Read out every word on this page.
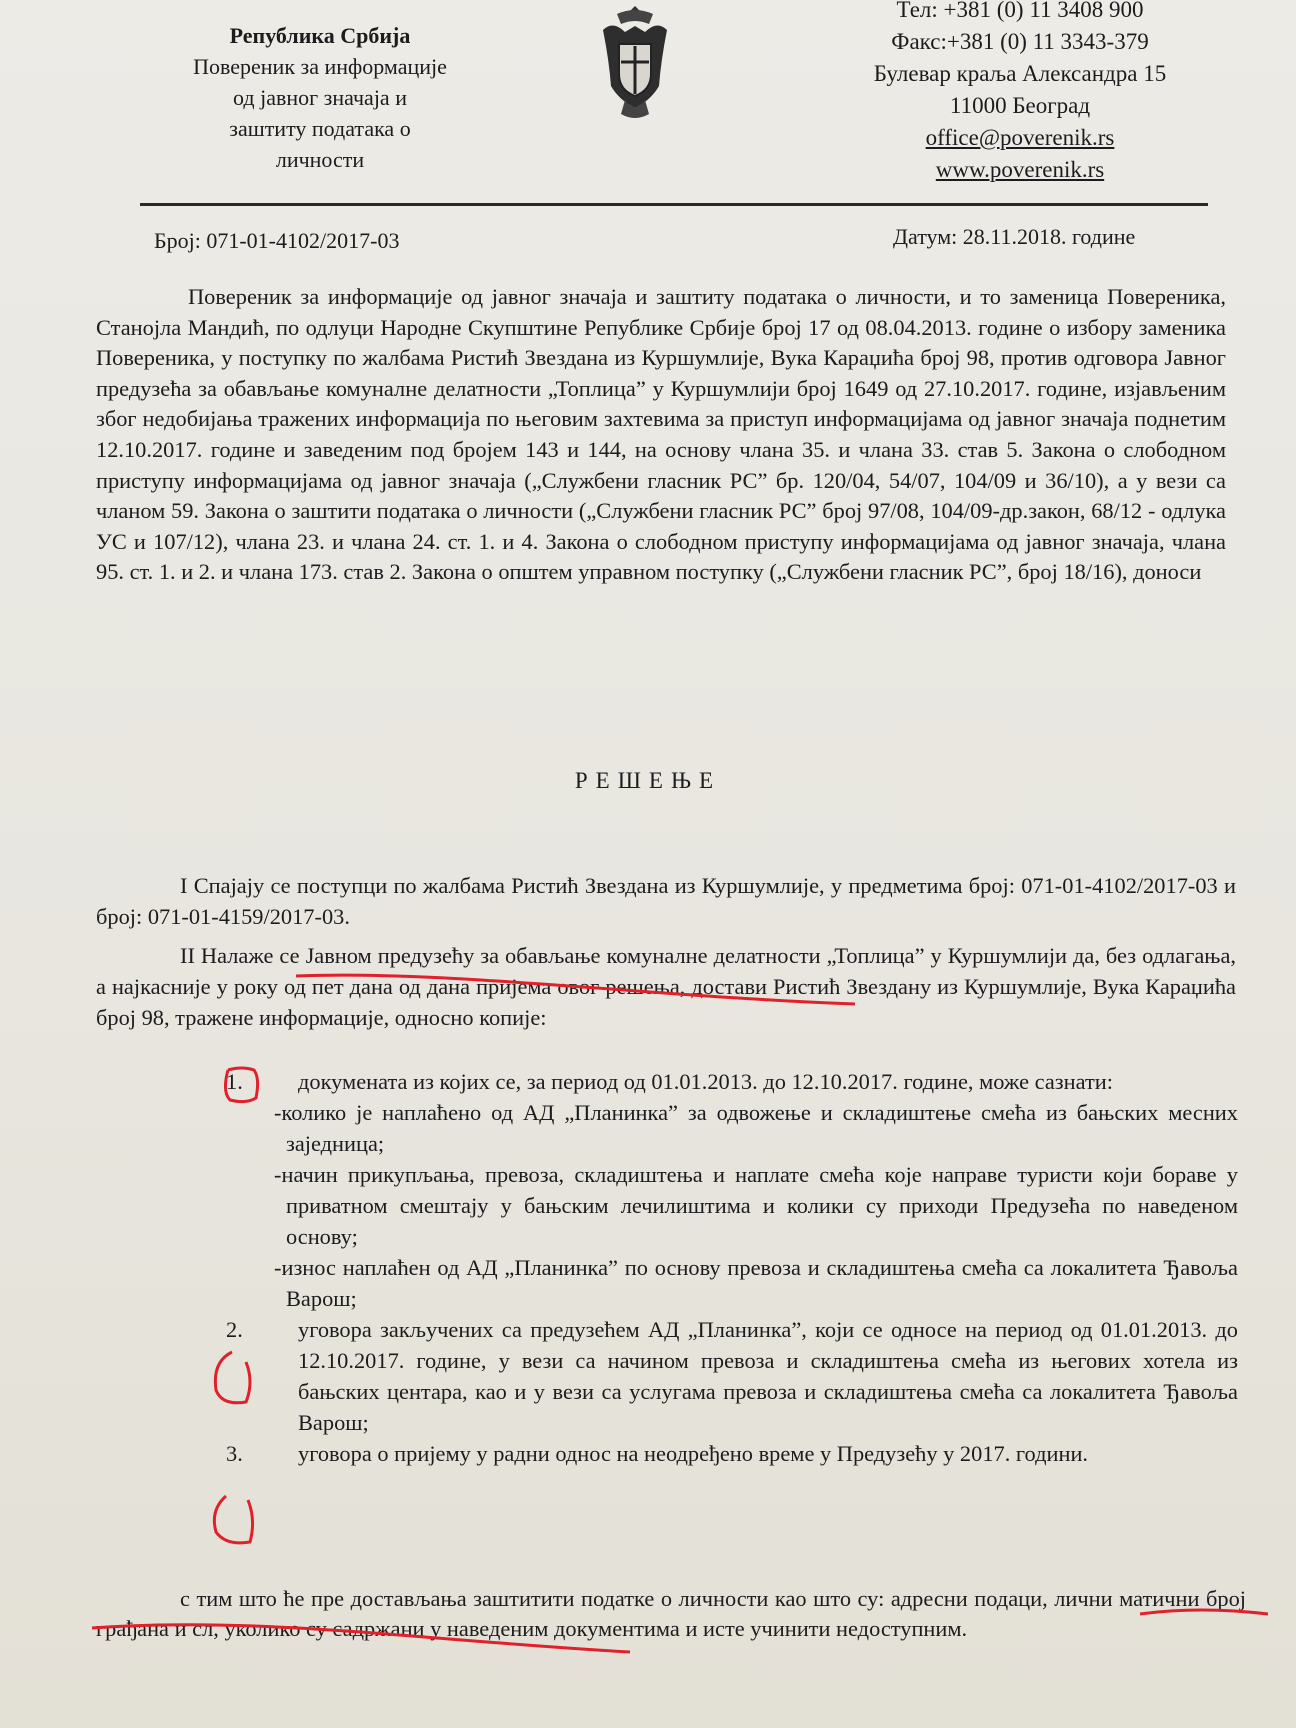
Република Србија
Повереник за информације
од јавног значаја и
заштиту података о
личности
Тел: +381 (0) 11 3408 900
Факс:+381 (0) 11 3343-379
Булевар краља Александра 15
11000 Београд
office@poverenik.rs
www.poverenik.rs
Број: 071-01-4102/2017-03	Датум: 28.11.2018. године
Повереник за информације од јавног значаја и заштиту података о личности, и то заменица Повереника, Станојла Мандић, по одлуци Народне Скупштине Републике Србије број 17 од 08.04.2013. године о избору заменика Повереника, у поступку по жалбама Ристић Звездана из Куршумлије, Вука Караџића број 98, против одговора Јавног предузећа за обављање комуналне делатности „Топлица” у Куршумлији број 1649 од 27.10.2017. године, изјављеним због недобијања тражених информација по његовим захтевима за приступ информацијама од јавног значаја поднетим 12.10.2017. године и заведеним под бројем 143 и 144, на основу члана 35. и члана 33. став 5. Закона о слободном приступу информацијама од јавног значаја („Службени гласник РС” бр. 120/04, 54/07, 104/09 и 36/10), а у вези са чланом 59. Закона о заштити података о личности („Службени гласник РС” број 97/08, 104/09-др.закон, 68/12 - одлука УС и 107/12), члана 23. и члана 24. ст. 1. и 4. Закона о слободном приступу информацијама од јавног значаја, члана 95. ст. 1. и 2. и члана 173. став 2. Закона о општем управном поступку („Службени гласник РС”, број 18/16), доноси
РЕШЕЊЕ
I Спајају се поступци по жалбама Ристић Звездана из Куршумлије, у предметима број: 071-01-4102/2017-03 и број: 071-01-4159/2017-03.
II Налаже се Јавном предузећу за обављање комуналне делатности „Топлица” у Куршумлији да, без одлагања, а најкасније у року од пет дана од дана пријема овог решења, достави Ристић Звездану из Куршумлије, Вука Караџића број 98, тражене информације, односно копије:
1. докумената из којих се, за период од 01.01.2013. до 12.10.2017. године, може сазнати:
-колико је наплаћено од АД „Планинка” за одвожење и складиштење смећа из бањских месних заједница;
-начин прикупљања, превоза, складиштења и наплате смећа које направе туристи који бораве у приватном смештају у бањским лечилиштима и колики су приходи Предузећа по наведеном основу;
-износ наплаћен од АД „Планинка” по основу превоза и складиштења смећа са локалитета Ђавоља Варош;
2. уговора закључених са предузећем АД „Планинка”, који се односе на период од 01.01.2013. до 12.10.2017. године, у вези са начином превоза и складиштења смећа из његових хотела из бањских центара, као и у вези са услугама превоза и складиштења смећа са локалитета Ђавоља Варош;
3. уговора о пријему у радни однос на неодређено време у Предузећу у 2017. години.
с тим што ће пре достављања заштитити податке о личности као што су: адресни подаци, лични матични број грађана и сл, уколико су садржани у наведеним документима и исте учинити недоступним.
